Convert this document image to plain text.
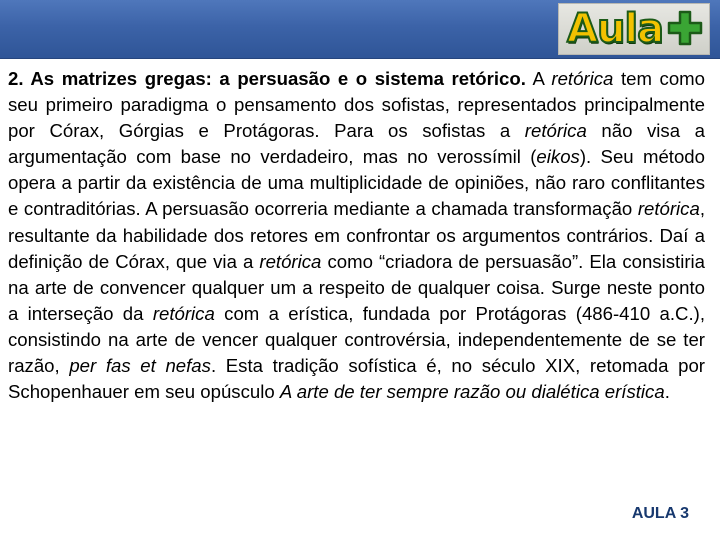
Aula

2. As matrizes gregas: a persuasão e o sistema retórico. A retórica tem como seu primeiro paradigma o pensamento dos sofistas, representados principalmente por Córax, Górgias e Protágoras. Para os sofistas a retórica não visa a argumentação com base no verdadeiro, mas no verossímil (eikos). Seu método opera a partir da existência de uma multiplicidade de opiniões, não raro conflitantes e contraditórias. A persuasão ocorreria mediante a chamada transformação retórica, resultante da habilidade dos retores em confrontar os argumentos contrários. Daí a definição de Córax, que via a retórica como “criadora de persuasão”. Ela consistiria na arte de convencer qualquer um a respeito de qualquer coisa. Surge neste ponto a interseção da retórica com a erística, fundada por Protágoras (486-410 a.C.), consistindo na arte de vencer qualquer controvérsia, independentemente de se ter razão, per fas et nefas. Esta tradição sofística é, no século XIX, retomada por Schopenhauer em seu opúsculo A arte de ter sempre razão ou dialética erística.

AULA 3
